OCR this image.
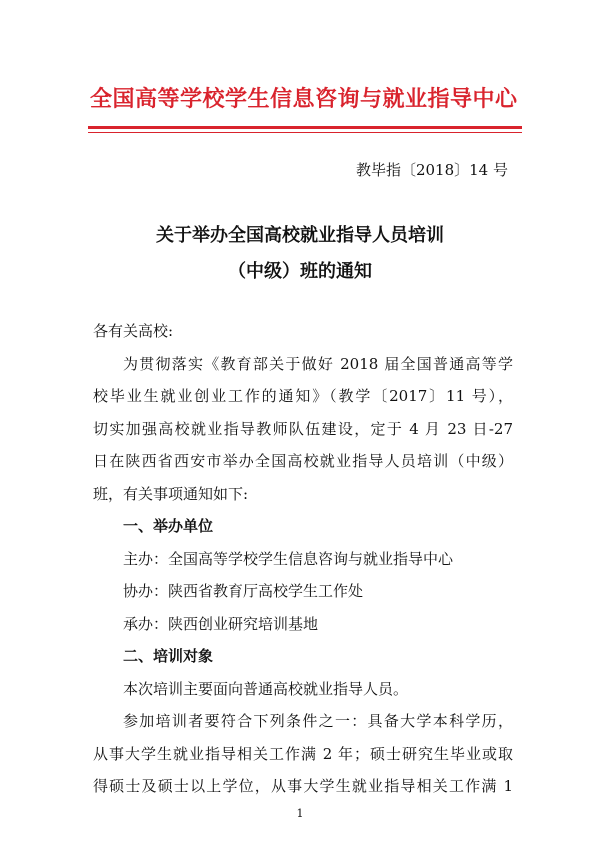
全国高等学校学生信息咨询与就业指导中心
教毕指〔2018〕14 号
关于举办全国高校就业指导人员培训
（中级）班的通知
各有关高校:
为贯彻落实《教育部关于做好 2018 届全国普通高等学
校毕业生就业创业工作的通知》（教学〔2017〕11 号），
切实加强高校就业指导教师队伍建设，定于 4 月 23 日-27
日在陕西省西安市举办全国高校就业指导人员培训（中级）
班，有关事项通知如下:
一、举办单位
主办：全国高等学校学生信息咨询与就业指导中心
协办：陕西省教育厅高校学生工作处
承办：陕西创业研究培训基地
二、培训对象
本次培训主要面向普通高校就业指导人员。
参加培训者要符合下列条件之一：具备大学本科学历，
从事大学生就业指导相关工作满 2 年；硕士研究生毕业或取
得硕士及硕士以上学位，从事大学生就业指导相关工作满 1
1
